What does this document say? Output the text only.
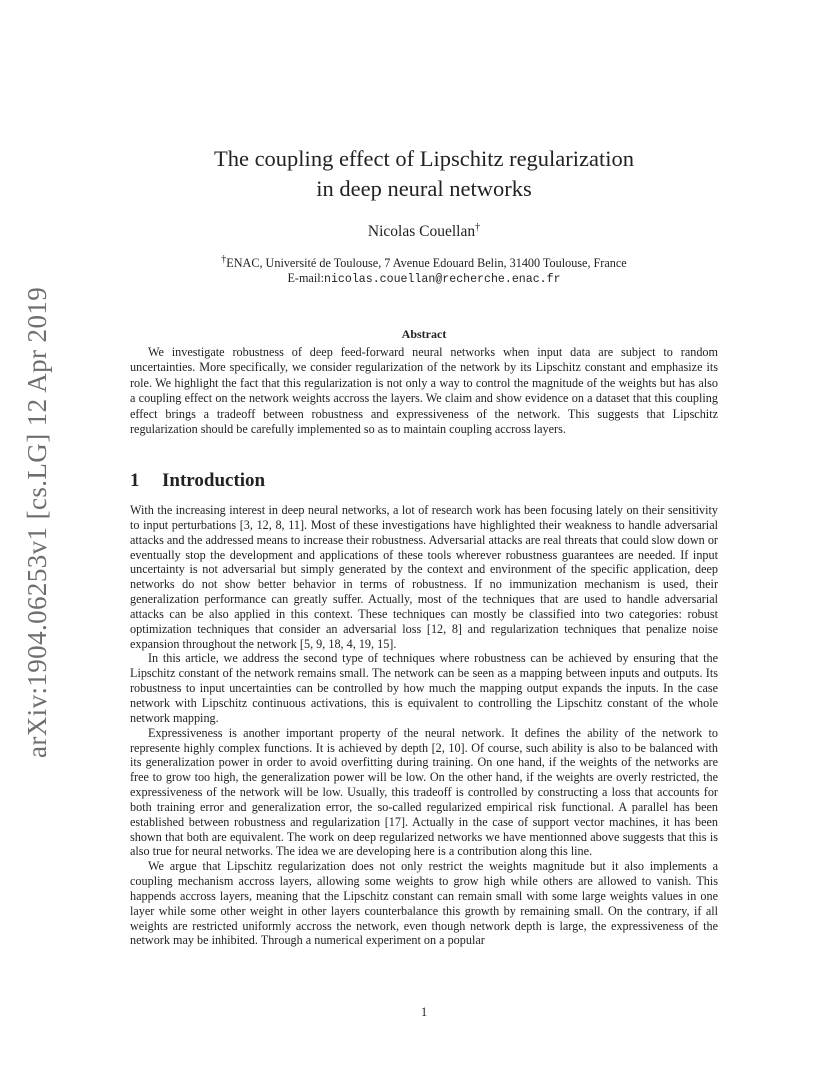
arXiv:1904.06253v1 [cs.LG] 12 Apr 2019
The coupling effect of Lipschitz regularization
in deep neural networks
Nicolas Couellan†
†ENAC, Université de Toulouse, 7 Avenue Edouard Belin, 31400 Toulouse, France
E-mail:nicolas.couellan@recherche.enac.fr
Abstract

We investigate robustness of deep feed-forward neural networks when input data are subject to random uncertainties. More specifically, we consider regularization of the network by its Lipschitz constant and emphasize its role. We highlight the fact that this regularization is not only a way to control the magnitude of the weights but has also a coupling effect on the network weights accross the layers. We claim and show evidence on a dataset that this coupling effect brings a tradeoff between robustness and expressiveness of the network. This suggests that Lipschitz regularization should be carefully implemented so as to maintain coupling accross layers.

1 Introduction

With the increasing interest in deep neural networks, a lot of research work has been focusing lately on their sensitivity to input perturbations [3, 12, 8, 11]. Most of these investigations have highlighted their weakness to handle adversarial attacks and the addressed means to increase their robustness. Adversarial attacks are real threats that could slow down or eventually stop the development and applications of these tools wherever robustness guarantees are needed. If input uncertainty is not adversarial but simply generated by the context and environment of the specific application, deep networks do not show better behavior in terms of robustness. If no immunization mechanism is used, their generalization performance can greatly suffer. Actually, most of the techniques that are used to handle adversarial attacks can be also applied in this context. These techniques can mostly be classified into two categories: robust optimization techniques that consider an adversarial loss [12, 8] and regularization techniques that penalize noise expansion throughout the network [5, 9, 18, 4, 19, 15].

In this article, we address the second type of techniques where robustness can be achieved by ensuring that the Lipschitz constant of the network remains small. The network can be seen as a mapping between inputs and outputs. Its robustness to input uncertainties can be controlled by how much the mapping output expands the inputs. In the case network with Lipschitz continuous activations, this is equivalent to controlling the Lipschitz constant of the whole network mapping.

Expressiveness is another important property of the neural network. It defines the ability of the network to represente highly complex functions. It is achieved by depth [2, 10]. Of course, such ability is also to be balanced with its generalization power in order to avoid overfitting during training. On one hand, if the weights of the networks are free to grow too high, the generalization power will be low. On the other hand, if the weights are overly restricted, the expressiveness of the network will be low. Usually, this tradeoff is controlled by constructing a loss that accounts for both training error and generalization error, the so-called regularized empirical risk functional. A parallel has been established between robustness and regularization [17]. Actually in the case of support vector machines, it has been shown that both are equivalent. The work on deep regularized networks we have mentionned above suggests that this is also true for neural networks. The idea we are developing here is a contribution along this line.

We argue that Lipschitz regularization does not only restrict the weights magnitude but it also implements a coupling mechanism accross layers, allowing some weights to grow high while others are allowed to vanish. This happends accross layers, meaning that the Lipschitz constant can remain small with some large weights values in one layer while some other weight in other layers counterbalance this growth by remaining small. On the contrary, if all weights are restricted uniformly accross the network, even though network depth is large, the expressiveness of the network may be inhibited. Through a numerical experiment on a popular

1
